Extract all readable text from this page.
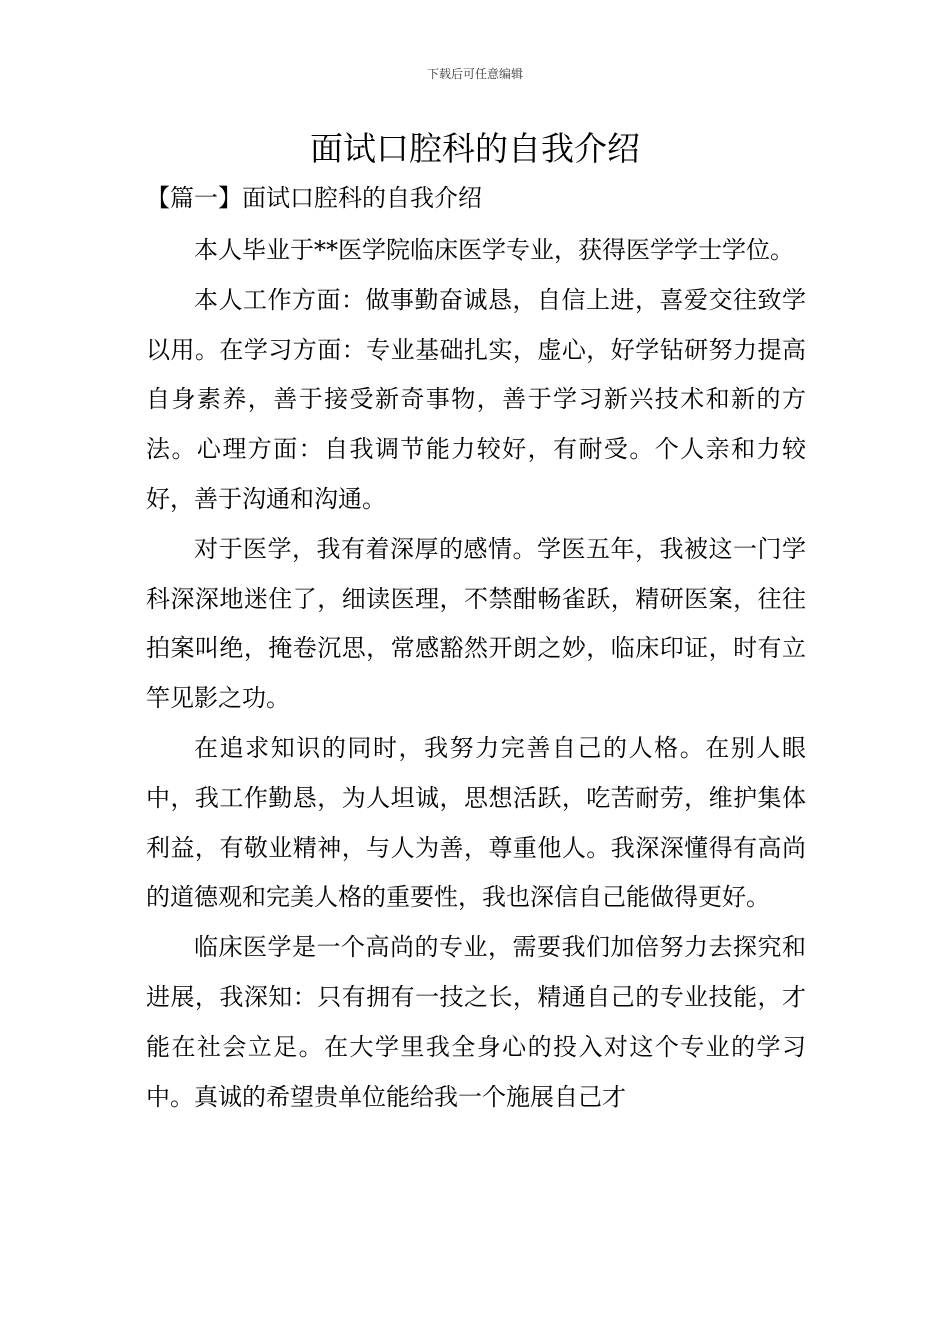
下载后可任意编辑
面试口腔科的自我介绍
【篇一】面试口腔科的自我介绍

本人毕业于**医学院临床医学专业，获得医学学士学位。

本人工作方面：做事勤奋诚恳，自信上进，喜爱交往致学以用。在学习方面：专业基础扎实，虚心，好学钻研努力提高自身素养，善于接受新奇事物，善于学习新兴技术和新的方法。心理方面：自我调节能力较好，有耐受。个人亲和力较好，善于沟通和沟通。

对于医学，我有着深厚的感情。学医五年，我被这一门学科深深地迷住了，细读医理，不禁酣畅雀跃，精研医案，往往拍案叫绝，掩卷沉思，常感豁然开朗之妙，临床印证，时有立竿见影之功。

在追求知识的同时，我努力完善自己的人格。在别人眼中，我工作勤恳，为人坦诚，思想活跃，吃苦耐劳，维护集体利益，有敬业精神，与人为善，尊重他人。我深深懂得有高尚的道德观和完美人格的重要性，我也深信自己能做得更好。

临床医学是一个高尚的专业，需要我们加倍努力去探究和进展，我深知：只有拥有一技之长，精通自己的专业技能，才能在社会立足。在大学里我全身心的投入对这个专业的学习中。真诚的希望贵单位能给我一个施展自己才
